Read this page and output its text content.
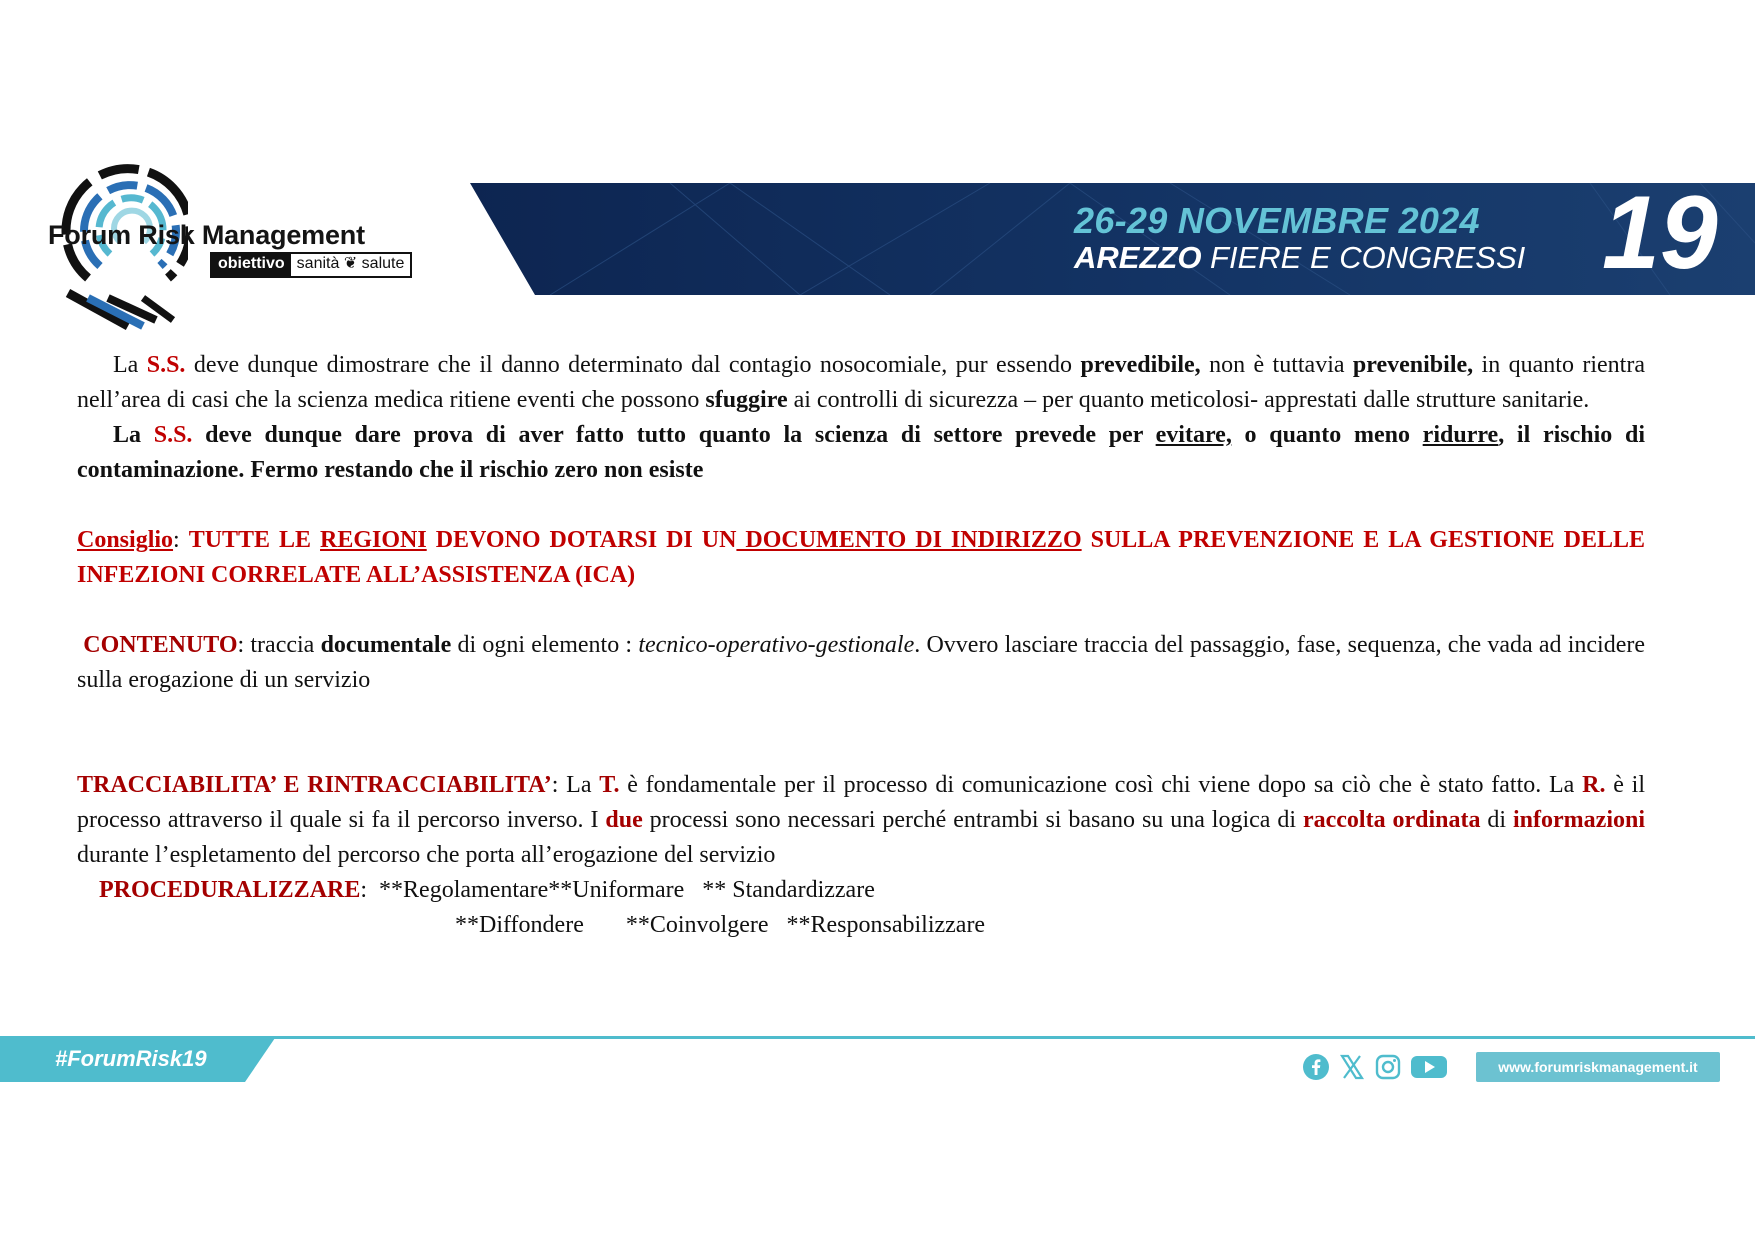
Forum Risk Management
obiettivo sanità ❦ salute
26-29 NOVEMBRE 2024
AREZZO FIERE E CONGRESSI 19

La S.S. deve dunque dimostrare che il danno determinato dal contagio nosocomiale, pur essendo prevedibile, non è tuttavia prevenibile, in quanto rientra nell’area di casi che la scienza medica ritiene eventi che possono sfuggire ai controlli di sicurezza – per quanto meticolosi- apprestati dalle strutture sanitarie.

La S.S. deve dunque dare prova di aver fatto tutto quanto la scienza di settore prevede per evitare, o quanto meno ridurre, il rischio di contaminazione. Fermo restando che il rischio zero non esiste

Consiglio: TUTTE LE REGIONI DEVONO DOTARSI DI UN DOCUMENTO DI INDIRIZZO SULLA PREVENZIONE E LA GESTIONE DELLE INFEZIONI CORRELATE ALL’ASSISTENZA (ICA)

CONTENUTO: traccia documentale di ogni elemento : tecnico-operativo-gestionale. Ovvero lasciare traccia del passaggio, fase, sequenza, che vada ad incidere sulla erogazione di un servizio

TRACCIABILITA’ E RINTRACCIABILITA’: La T. è fondamentale per il processo di comunicazione così chi viene dopo sa ciò che è stato fatto. La R. è il processo attraverso il quale si fa il percorso inverso. I due processi sono necessari perché entrambi si basano su una logica di raccolta ordinata di informazioni durante l’espletamento del percorso che porta all’erogazione del servizio

PROCEDURALIZZARE:  **Regolamentare**Uniformare   ** Standardizzare
**Diffondere       **Coinvolgere   **Responsabilizzare
#ForumRisk19	www.forumriskmanagement.it
